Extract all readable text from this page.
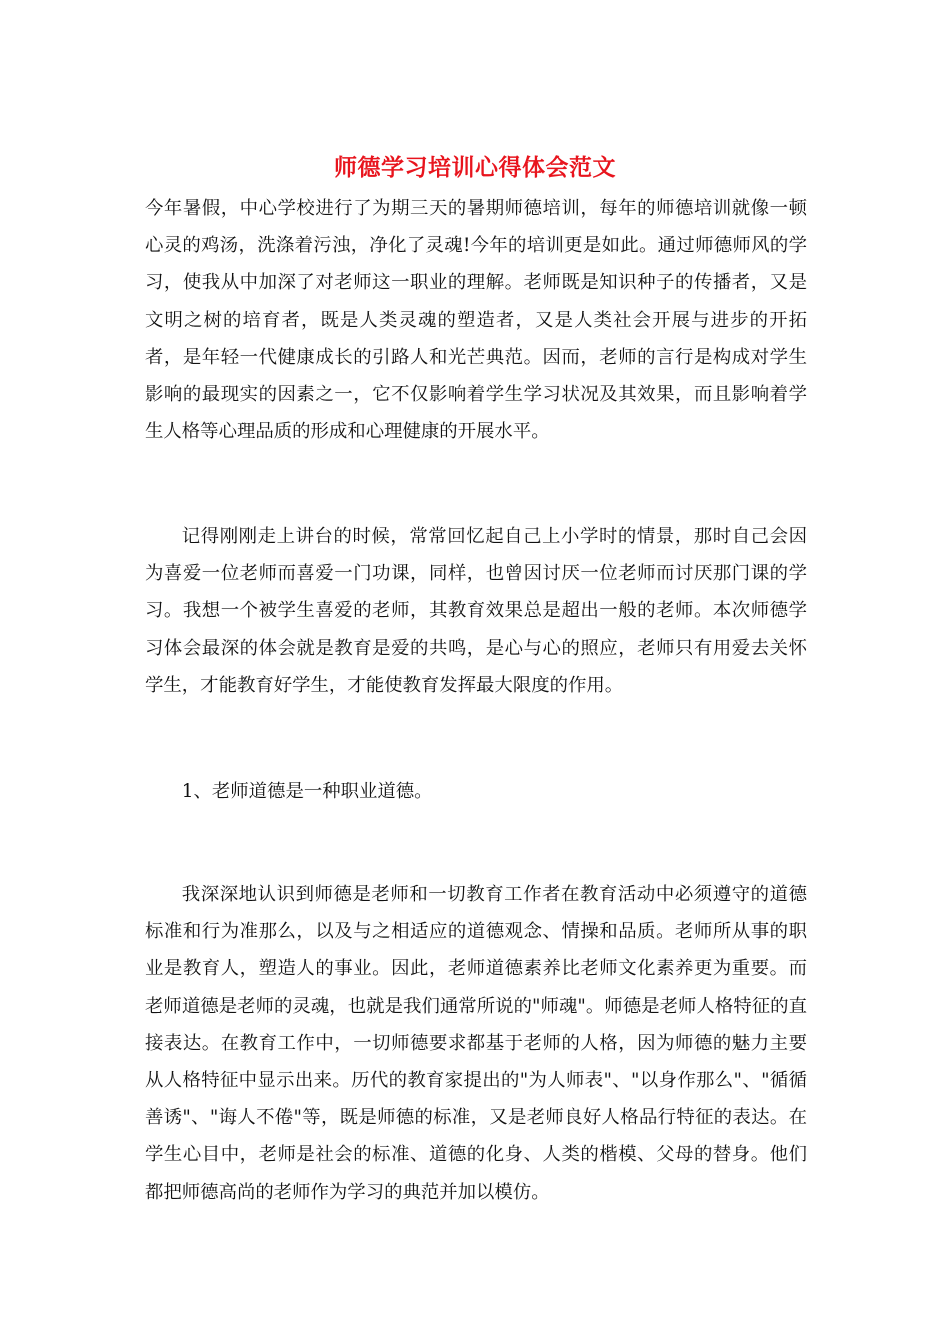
师德学习培训心得体会范文

今年暑假，中心学校进行了为期三天的暑期师德培训，每年的师德培训就像一顿心灵的鸡汤，洗涤着污浊，净化了灵魂!今年的培训更是如此。通过师德师风的学习，使我从中加深了对老师这一职业的理解。老师既是知识种子的传播者，又是文明之树的培育者，既是人类灵魂的塑造者，又是人类社会开展与进步的开拓者，是年轻一代健康成长的引路人和光芒典范。因而，老师的言行是构成对学生影响的最现实的因素之一，它不仅影响着学生学习状况及其效果，而且影响着学生人格等心理品质的形成和心理健康的开展水平。

记得刚刚走上讲台的时候，常常回忆起自己上小学时的情景，那时自己会因为喜爱一位老师而喜爱一门功课，同样，也曾因讨厌一位老师而讨厌那门课的学习。我想一个被学生喜爱的老师，其教育效果总是超出一般的老师。本次师德学习体会最深的体会就是教育是爱的共鸣，是心与心的照应，老师只有用爱去关怀学生，才能教育好学生，才能使教育发挥最大限度的作用。

1、老师道德是一种职业道德。

我深深地认识到师德是老师和一切教育工作者在教育活动中必须遵守的道德标准和行为准那么，以及与之相适应的道德观念、情操和品质。老师所从事的职业是教育人，塑造人的事业。因此，老师道德素养比老师文化素养更为重要。而老师道德是老师的灵魂，也就是我们通常所说的"师魂"。师德是老师人格特征的直接表达。在教育工作中，一切师德要求都基于老师的人格，因为师德的魅力主要从人格特征中显示出来。历代的教育家提出的"为人师表"、"以身作那么"、"循循善诱"、"诲人不倦"等，既是师德的标准，又是老师良好人格品行特征的表达。在学生心目中，老师是社会的标准、道德的化身、人类的楷模、父母的替身。他们都把师德高尚的老师作为学习的典范并加以模仿。
